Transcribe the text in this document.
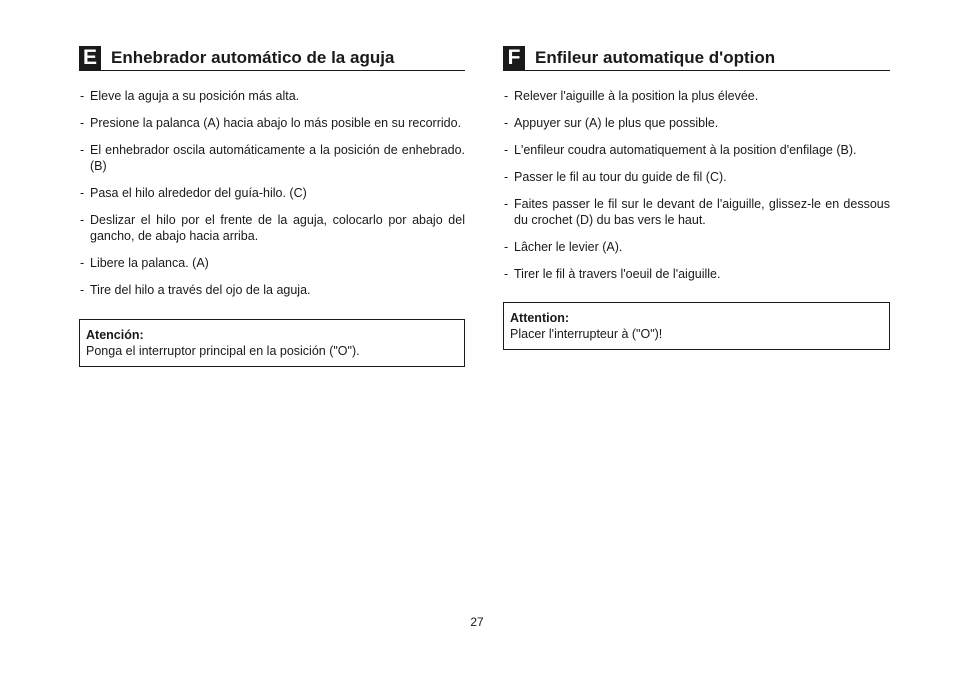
E Enhebrador automático de la aguja
- Eleve la aguja a su posición más alta.
- Presione la palanca (A) hacia abajo lo más posible en su recorrido.
- El enhebrador oscila automáticamente a la posición de enhebrado. (B)
- Pasa el hilo alrededor del guía-hilo. (C)
- Deslizar el hilo por el frente de la aguja, colocarlo por abajo del gancho, de abajo hacia arriba.
- Libere la palanca. (A)
- Tire del hilo a través del ojo de la aguja.
Atención:
Ponga el interruptor principal en la posición ("O").
F Enfileur automatique d'option
- Relever l'aiguille à la position la plus élevée.
- Appuyer sur (A) le plus que possible.
- L'enfileur coudra automatiquement à la position d'enfilage (B).
- Passer le fil au tour du guide de fil (C).
- Faites passer le fil sur le devant de l'aiguille, glissez-le en dessous du crochet (D) du bas vers le haut.
- Lâcher le levier (A).
- Tirer le fil à travers l'oeuil de l'aiguille.
Attention:
Placer l'interrupteur à ("O")!
27
